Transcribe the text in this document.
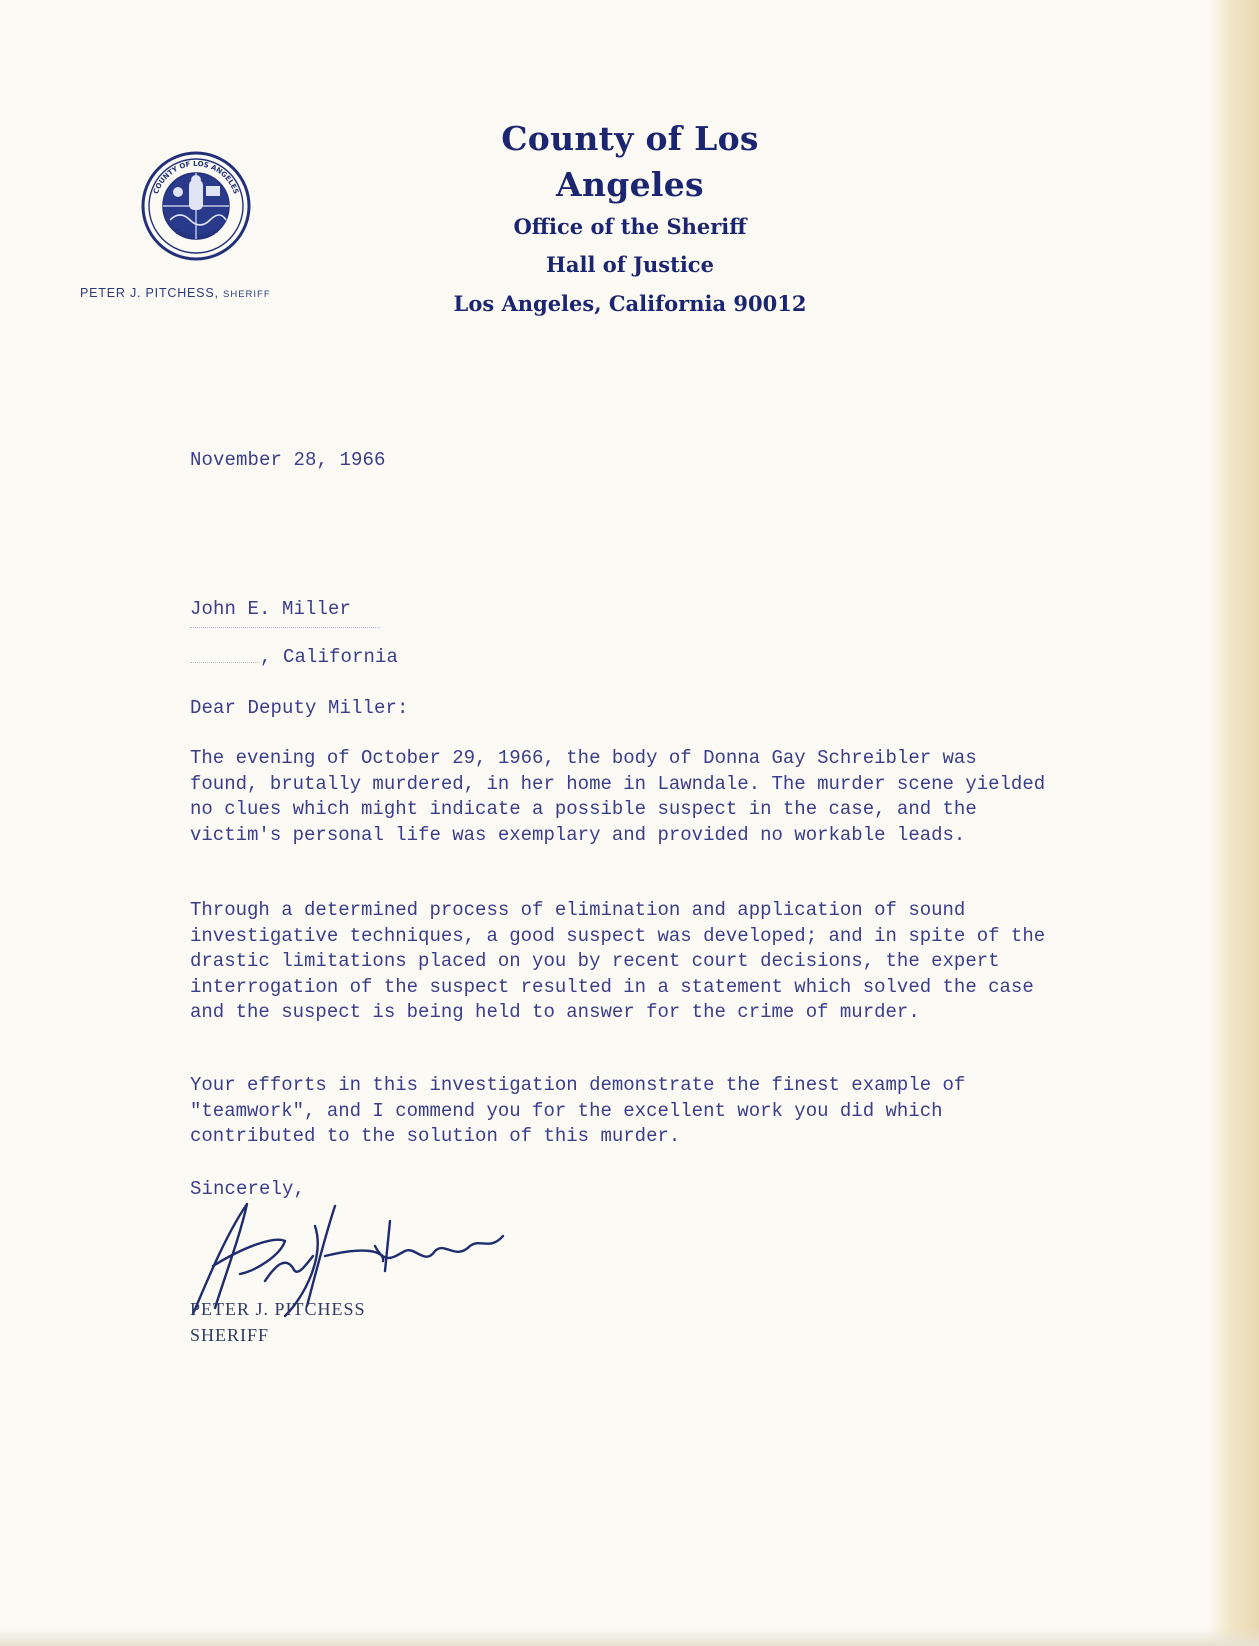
COUNTY OF LOS ANGELES
CALIFORNIA
PETER J. PITCHESS, SHERIFF
County of Los Angeles
Office of the Sheriff
Hall of Justice
Los Angeles, California 90012
November 28, 1966
John E. Miller
, California
Dear Deputy Miller:
The evening of October 29, 1966, the body of Donna Gay Schreibler was found, brutally murdered, in her home in Lawndale. The murder scene yielded no clues which might indicate a possible suspect in the case, and the victim's personal life was exemplary and provided no workable leads.
Through a determined process of elimination and application of sound investigative techniques, a good suspect was developed; and in spite of the drastic limitations placed on you by recent court decisions, the expert interrogation of the suspect resulted in a statement which solved the case and the suspect is being held to answer for the crime of murder.
Your efforts in this investigation demonstrate the finest example of "teamwork", and I commend you for the excellent work you did which contributed to the solution of this murder.
Sincerely,
PETER J. PITCHESS
SHERIFF
